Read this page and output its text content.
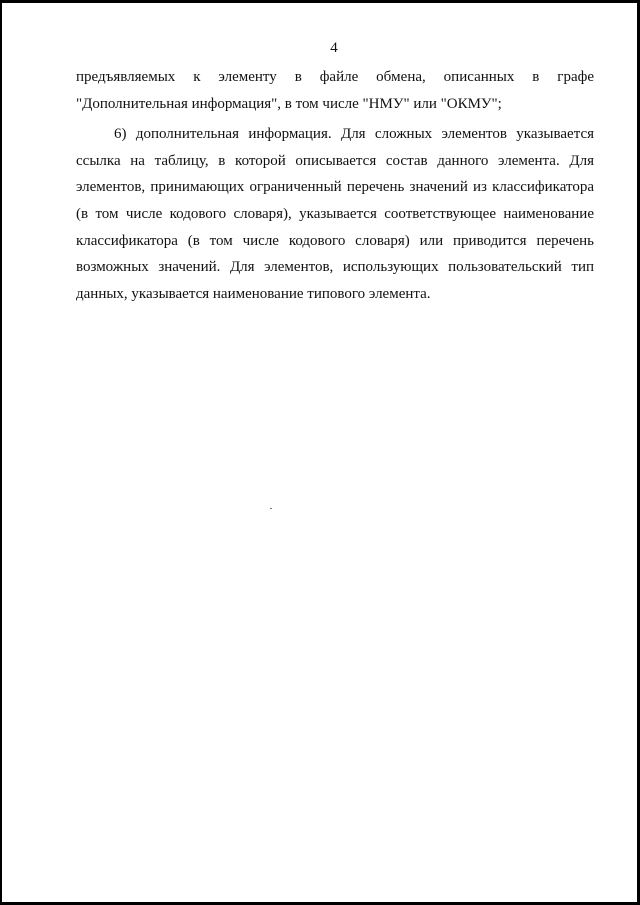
4
предъявляемых к элементу в файле обмена, описанных в графе
"Дополнительная информация", в том числе "НМУ" или "ОКМУ";
6) дополнительная информация. Для сложных элементов указывается
ссылка на таблицу, в которой описывается состав данного элемента. Для
элементов, принимающих ограниченный перечень значений из классификатора
(в том числе кодового словаря), указывается соответствующее наименование
классификатора (в том числе кодового словаря) или приводится перечень
возможных значений. Для элементов, использующих пользовательский тип
данных, указывается наименование типового элемента.
